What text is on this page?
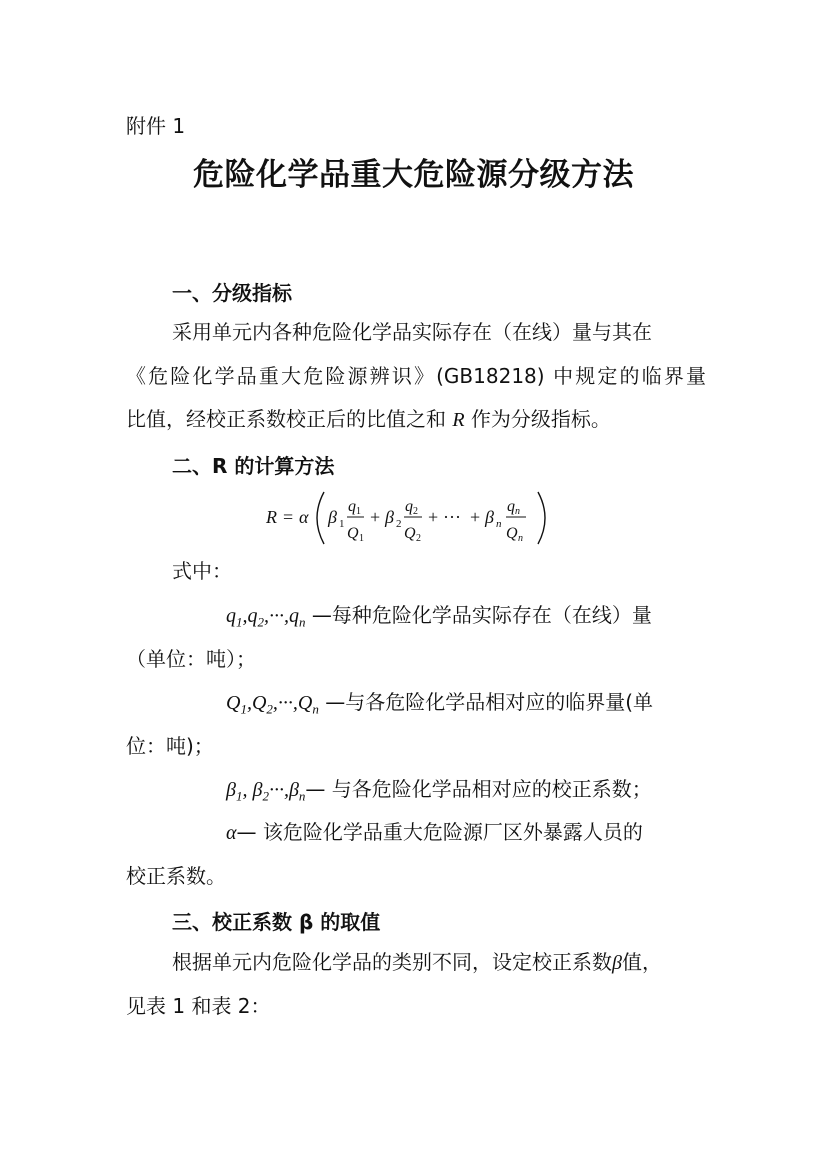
附件 1
危险化学品重大危险源分级方法
一、分级指标
采用单元内各种危险化学品实际存在（在线）量与其在
《危险化学品重大危险源辨识》(GB18218) 中规定的临界量
比值，经校正系数校正后的比值之和 R 作为分级指标。
二、R 的计算方法
R = α β 1
q 1
Q 1
+ β 2
q 2
Q 2
+ ··· + β n
q n
Q n
式中：
$q_1,q_2,\cdot\cdot\cdot,q_n$ —每种危险化学品实际存在（在线）量
（单位：吨）；
$Q_1,Q_2,\cdot\cdot\cdot,Q_n$ —与各危险化学品相对应的临界量(单
位：吨)；
$\beta_1$, $\beta_2\cdot\cdot\cdot,\beta_n—$ 与各危险化学品相对应的校正系数；
α— 该危险化学品重大危险源厂区外暴露人员的
校正系数。
三、校正系数 β 的取值
根据单元内危险化学品的类别不同，设定校正系数β值，
见表 1 和表 2：
